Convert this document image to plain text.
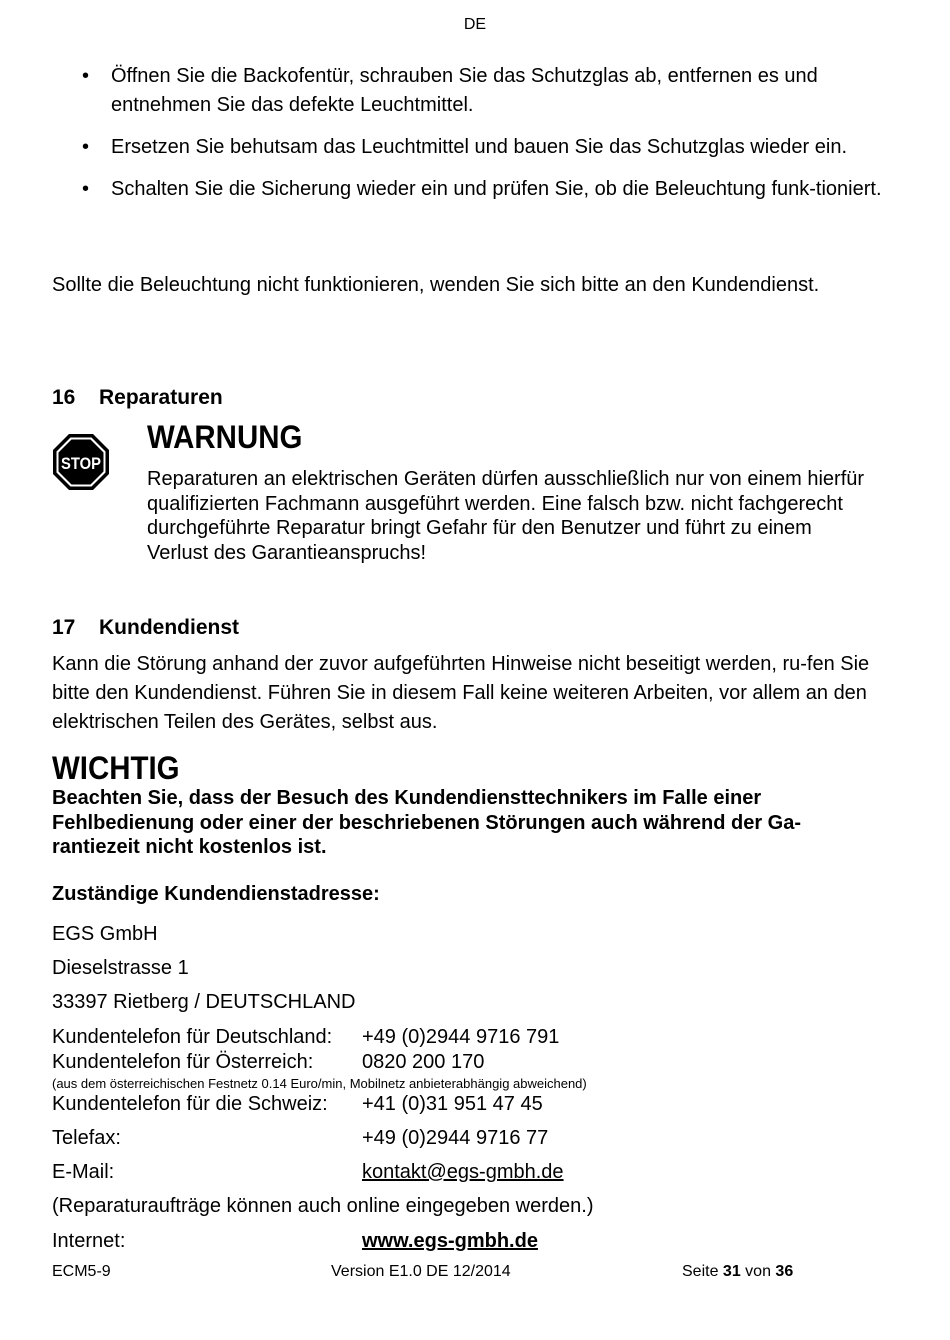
DE
• Öffnen Sie die Backofentür, schrauben Sie das Schutzglas ab, entfernen es und entnehmen Sie das defekte Leuchtmittel.
• Ersetzen Sie behutsam das Leuchtmittel und bauen Sie das Schutzglas wieder ein.
• Schalten Sie die Sicherung wieder ein und prüfen Sie, ob die Beleuchtung funk-tioniert.
Sollte die Beleuchtung nicht funktionieren, wenden Sie sich bitte an den Kundendienst.
16 Reparaturen
STOP
WARNUNG
Reparaturen an elektrischen Geräten dürfen ausschließlich nur von einem hierfür qualifizierten Fachmann ausgeführt werden. Eine falsch bzw. nicht fachgerecht durchgeführte Reparatur bringt Gefahr für den Benutzer und führt zu einem Verlust des Garantieanspruchs!
17 Kundendienst
Kann die Störung anhand der zuvor aufgeführten Hinweise nicht beseitigt werden, ru-fen Sie bitte den Kundendienst. Führen Sie in diesem Fall keine weiteren Arbeiten, vor allem an den elektrischen Teilen des Gerätes, selbst aus.
WICHTIG
Beachten Sie, dass der Besuch des Kundendiensttechnikers im Falle einer Fehlbedienung oder einer der beschriebenen Störungen auch während der Ga-rantiezeit nicht kostenlos ist.
Zuständige Kundendienstadresse:
EGS GmbH
Dieselstrasse 1
33397 Rietberg / DEUTSCHLAND
Kundentelefon für Deutschland: +49 (0)2944 9716 791
Kundentelefon für Österreich: 0820 200 170
(aus dem österreichischen Festnetz 0.14 Euro/min, Mobilnetz anbieterabhängig abweichend)
Kundentelefon für die Schweiz: +41 (0)31 951 47 45
Telefax:	+49 (0)2944 9716 77
E-Mail:	kontakt@egs-gmbh.de
(Reparaturaufträge können auch online eingegeben werden.)
Internet:	www.egs-gmbh.de
ECM5-9	Version E1.0 DE 12/2014	Seite 31 von 36
